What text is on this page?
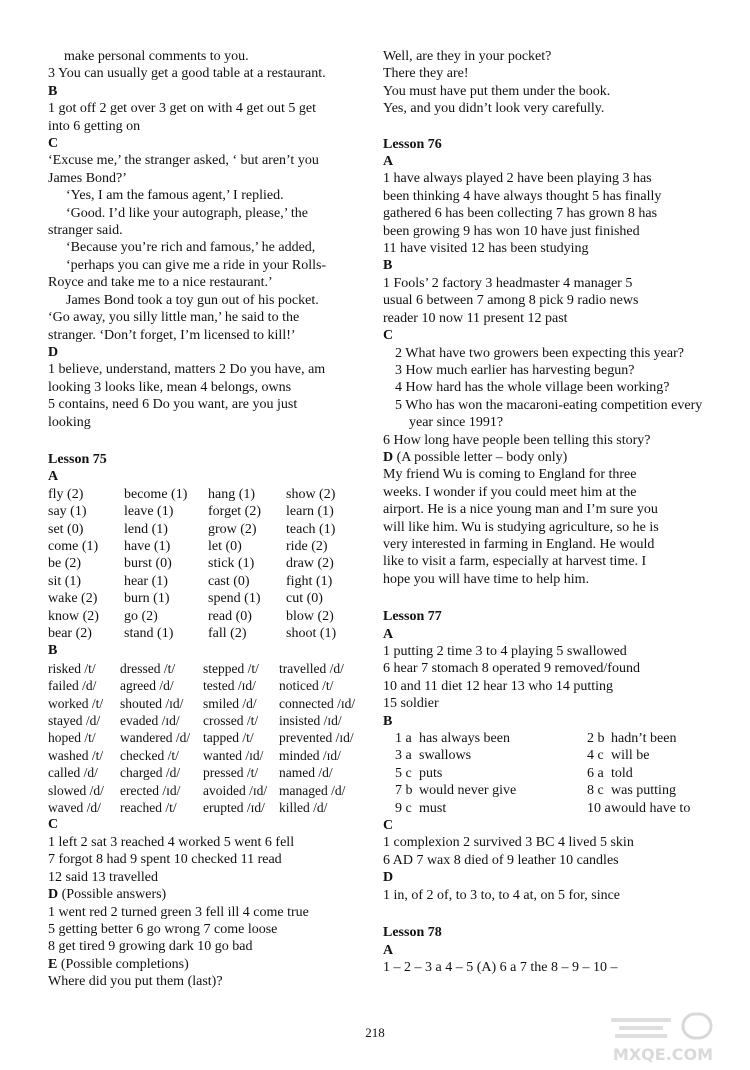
make personal comments to you.

3 You can usually get a good table at a restaurant.

B

1 got off 2 get over 3 get on with 4 get out 5 get

into 6 getting on

C

‘Excuse me,’ the stranger asked, ‘ but aren’t you

James Bond?’

‘Yes, I am the famous agent,’ I replied.

‘Good. I’d like your autograph, please,’ the

stranger said.

‘Because you’re rich and famous,’ he added,

‘perhaps you can give me a ride in your Rolls-

Royce and take me to a nice restaurant.’

James Bond took a toy gun out of his pocket.

‘Go away, you silly little man,’ he said to the

stranger. ‘Don’t forget, I’m licensed to kill!’

D

1 believe, understand, matters 2 Do you have, am

looking 3 looks like, mean 4 belongs, owns

5 contains, need 6 Do you want, are you just

looking

Lesson 75

A

fly (2)	become (1)	hang (1)	show (2)
say (1)	leave (1)	forget (2)	learn (1)
set (0)	lend (1)	grow (2)	teach (1)
come (1)	have (1)	let (0)	ride (2)
be (2)	burst (0)	stick (1)	draw (2)
sit (1)	hear (1)	cast (0)	fight (1)
wake (2)	burn (1)	spend (1)	cut (0)
know (2)	go (2)	read (0)	blow (2)
bear (2)	stand (1)	fall (2)	shoot (1)

B

risked /t/	dressed /t/	stepped /t/	travelled /d/
failed /d/	agreed /d/	tested /ɪd/	noticed /t/
worked /t/	shouted /ɪd/	smiled /d/	connected /ɪd/
stayed /d/	evaded /ɪd/	crossed /t/	insisted /ɪd/
hoped /t/	wandered /d/ tapped /t/	prevented /ɪd/
washed /t/	checked /t/	wanted /ɪd/	minded /ɪd/
called /d/	charged /d/	pressed /t/	named /d/
slowed /d/	erected /ɪd/	avoided /ɪd/ managed /d/
waved /d/	reached /t/	erupted /ɪd/	killed /d/

C

1 left 2 sat 3 reached 4 worked 5 went 6 fell

7 forgot 8 had 9 spent 10 checked 11 read

12 said 13 travelled

D (Possible answers)

1 went red 2 turned green 3 fell ill 4 come true

5 getting better 6 go wrong 7 come loose

8 get tired 9 growing dark 10 go bad

E (Possible completions)

Where did you put them (last)?

Well, are they in your pocket?

There they are!

You must have put them under the book.

Yes, and you didn’t look very carefully.

Lesson 76

A

1 have always played 2 have been playing 3 has

been thinking 4 have always thought 5 has finally

gathered 6 has been collecting 7 has grown 8 has

been growing 9 has won 10 have just finished

11 have visited 12 has been studying

B

1 Fools’ 2 factory 3 headmaster 4 manager 5

usual 6 between 7 among 8 pick 9 radio news

reader 10 now 11 present 12 past

C

2 What have two growers been expecting this year?

3 How much earlier has harvesting begun?

4 How hard has the whole village been working?

5 Who has won the macaroni-eating competition every year since 1991?

6 How long have people been telling this story?

D (A possible letter – body only)

My friend Wu is coming to England for three

weeks. I wonder if you could meet him at the

airport. He is a nice young man and I’m sure you

will like him. Wu is studying agriculture, so he is

very interested in farming in England. He would

like to visit a farm, especially at harvest time. I

hope you will have time to help him.

Lesson 77

A

1 putting 2 time 3 to 4 playing 5 swallowed

6 hear 7 stomach 8 operated 9 removed/found

10 and 11 diet 12 hear 13 who 14 putting

15 soldier

B

1 a has always been	2 b hadn’t been
3 a swallows	4 c will be
5 c puts	6 a told
7 b would never give	8 c was putting
9 c must	10 a would have to

C

1 complexion 2 survived 3 BC 4 lived 5 skin

6 AD 7 wax 8 died of 9 leather 10 candles

D

1 in, of 2 of, to 3 to, to 4 at, on 5 for, since

Lesson 78

A

1 – 2 – 3 a 4 – 5 (A) 6 a 7 the 8 – 9 – 10 –

218
MXQE.COM
